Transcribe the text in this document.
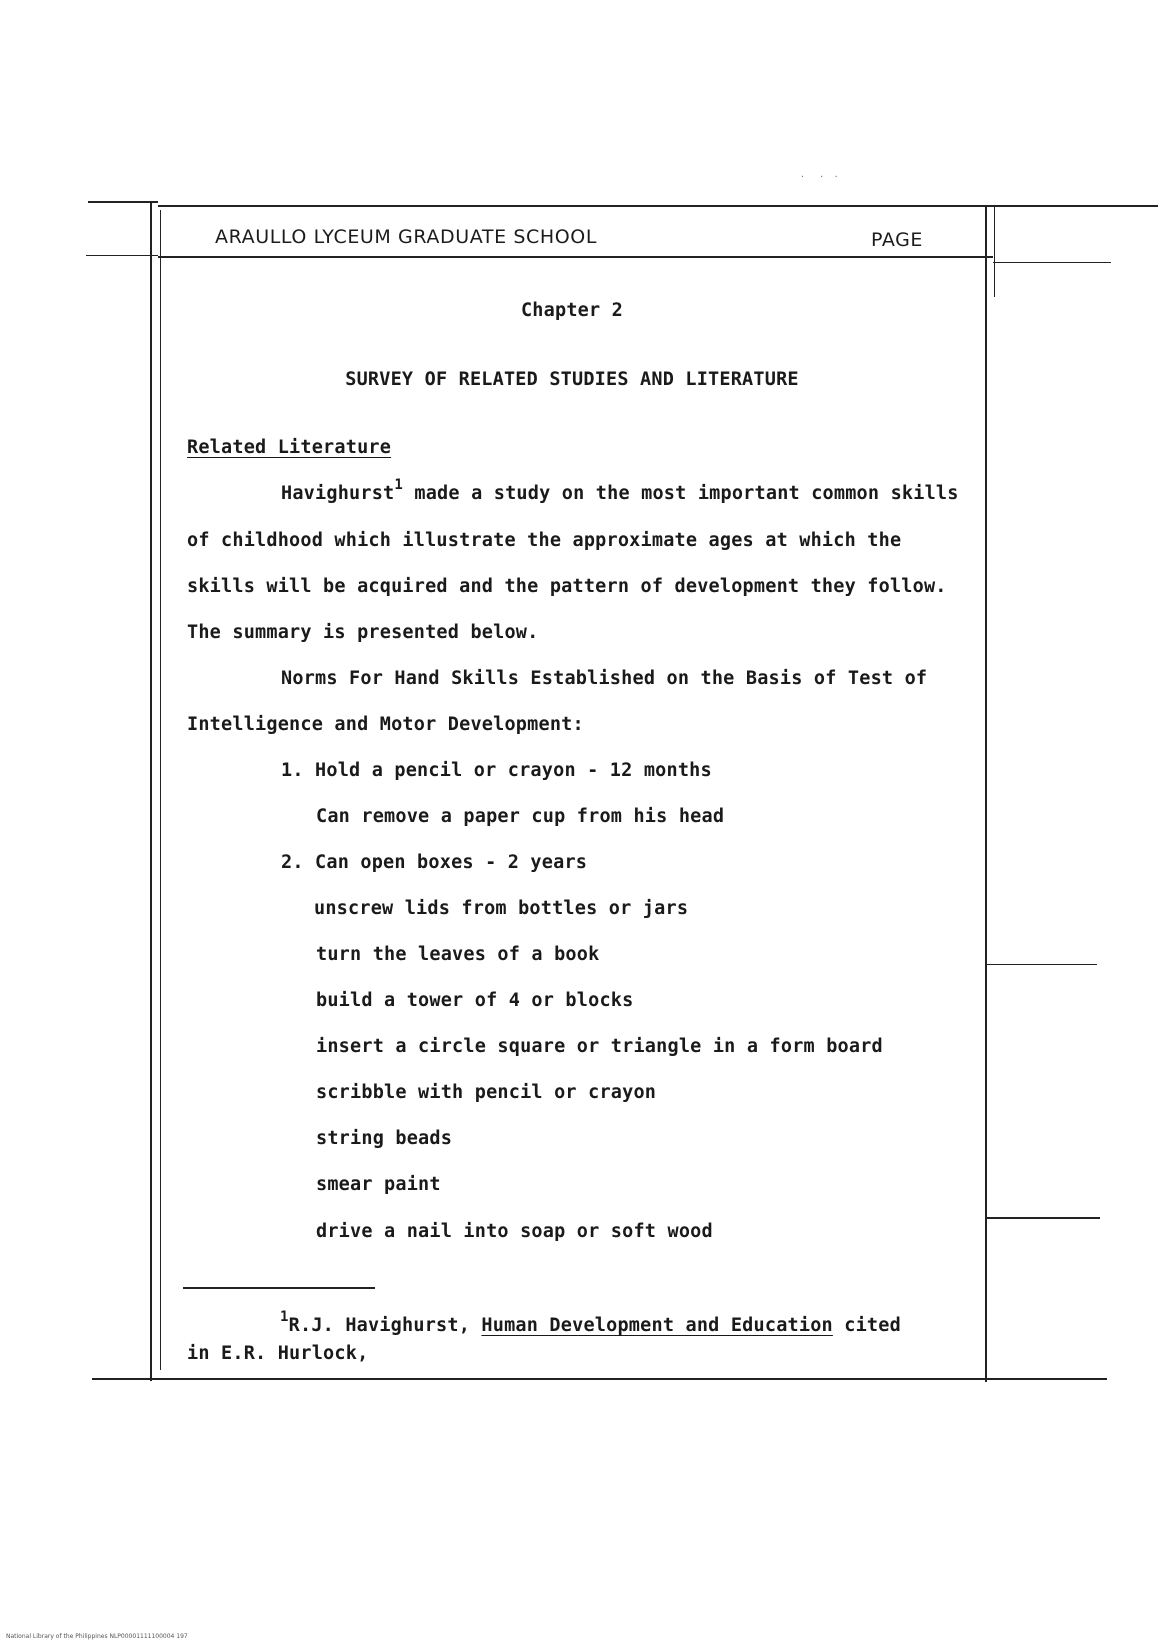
ARAULLO LYCEUM GRADUATE SCHOOL	PAGE
Chapter 2
SURVEY OF RELATED STUDIES AND LITERATURE
Related Literature
Havighurst$^1$ made a study on the most important common skills
of childhood which illustrate the approximate ages at which the
skills will be acquired and the pattern of development they follow.
The summary is presented below.
Norms For Hand Skills Established on the Basis of Test of
Intelligence and Motor Development:
1. Hold a pencil or crayon - 12 months
Can remove a paper cup from his head
2. Can open boxes - 2 years
unscrew lids from bottles or jars
turn the leaves of a book
build a tower of 4 or blocks
insert a circle square or triangle in a form board
scribble with pencil or crayon
string beads
smear paint
drive a nail into soap or soft wood
$^1$R.J. Havighurst, Human Development and Education cited
in E.R. Hurlock,
·   ·  ·
National Library of the Philippines NLP00001111100004 197
